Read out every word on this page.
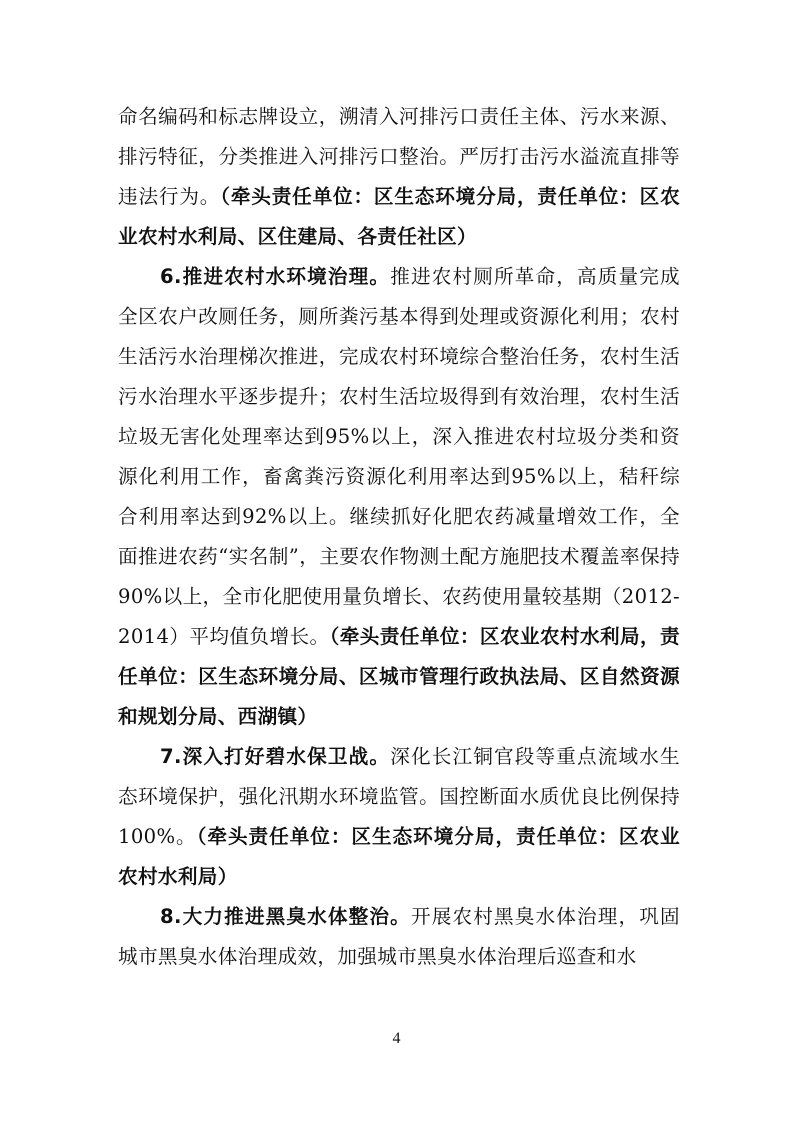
命名编码和标志牌设立，溯清入河排污口责任主体、污水来源、排污特征，分类推进入河排污口整治。严厉打击污水溢流直排等违法行为。（牵头责任单位：区生态环境分局，责任单位：区农业农村水利局、区住建局、各责任社区）

6.推进农村水环境治理。推进农村厕所革命，高质量完成全区农户改厕任务，厕所粪污基本得到处理或资源化利用；农村生活污水治理梯次推进，完成农村环境综合整治任务，农村生活污水治理水平逐步提升；农村生活垃圾得到有效治理，农村生活垃圾无害化处理率达到95%以上，深入推进农村垃圾分类和资源化利用工作，畜禽粪污资源化利用率达到95%以上，秸秆综合利用率达到92%以上。继续抓好化肥农药减量增效工作，全面推进农药“实名制”，主要农作物测土配方施肥技术覆盖率保持90%以上，全市化肥使用量负增长、农药使用量较基期（2012-2014）平均值负增长。（牵头责任单位：区农业农村水利局，责任单位：区生态环境分局、区城市管理行政执法局、区自然资源和规划分局、西湖镇）

7.深入打好碧水保卫战。深化长江铜官段等重点流域水生态环境保护，强化汛期水环境监管。国控断面水质优良比例保持100%。（牵头责任单位：区生态环境分局，责任单位：区农业农村水利局）

8.大力推进黑臭水体整治。开展农村黑臭水体治理，巩固城市黑臭水体治理成效，加强城市黑臭水体治理后巡查和水

4
